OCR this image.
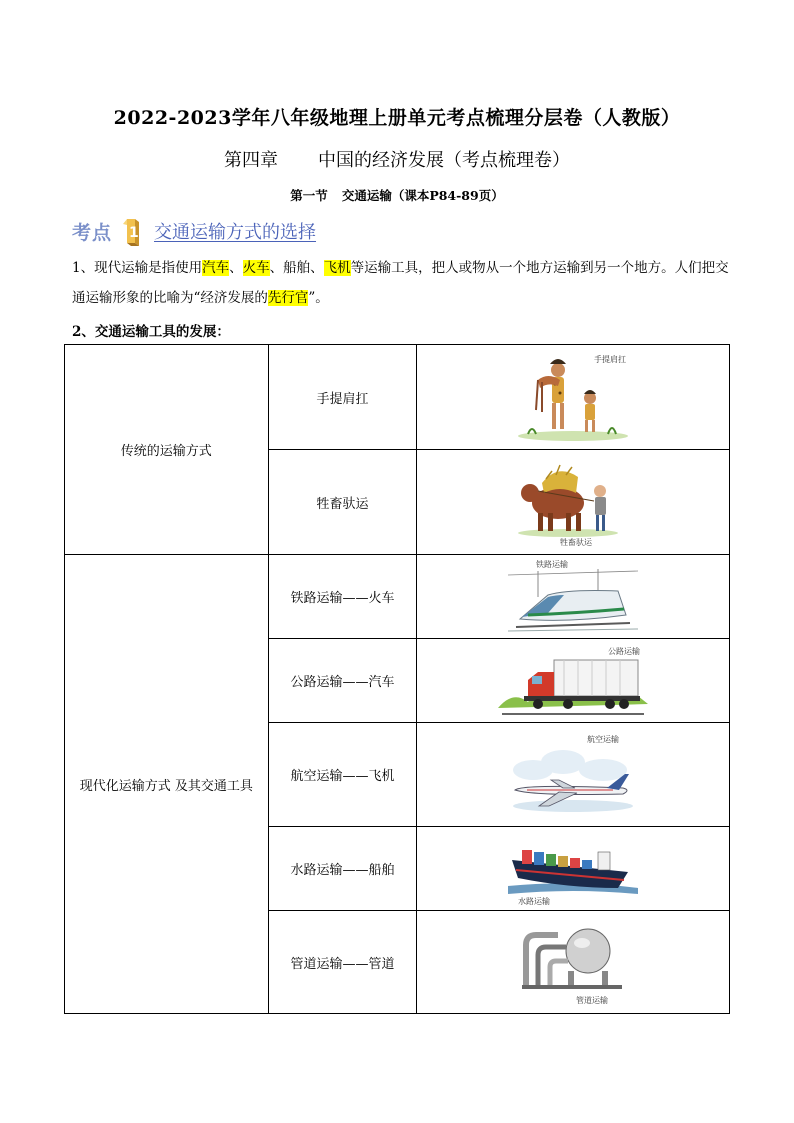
2022-2023学年八年级地理上册单元考点梳理分层卷（人教版）
第四章 中国的经济发展（考点梳理卷）
第一节 交通运输（课本P84-89页）
考点 1 交通运输方式的选择
1、现代运输是指使用汽车、火车、船舶、飞机等运输工具，把人或物从一个地方运输到另一个地方。人们把交通运输形象的比喻为“经济发展的先行官”。
2、交通运输工具的发展：
传统的运输方式	手提肩扛	手提肩扛

	牲畜驮运	牲畜驮运

现代化运输方式 及其交通工具	铁路运输——火车	铁路运输

	公路运输——汽车	公路运输

	航空运输——飞机	航空运输

	水路运输——船舶	水路运输

	管道运输——管道	管道运输
